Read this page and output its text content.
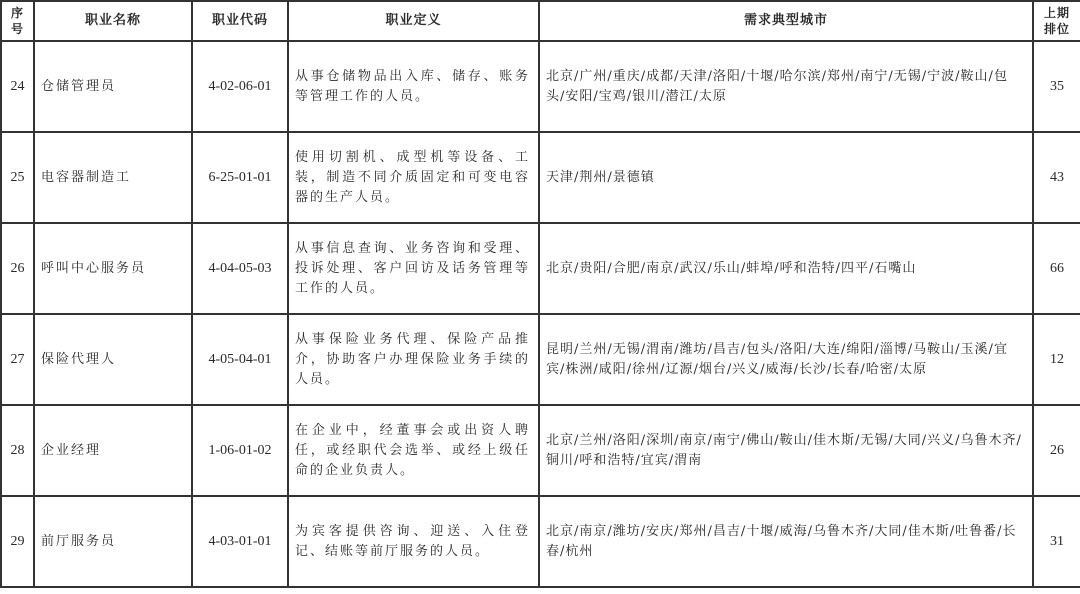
序号	职业名称	职业代码	职业定义	需求典型城市	上期排位
24	仓储管理员	4-02-06-01	从事仓储物品出入库、储存、账务等管理工作的人员。	北京/广州/重庆/成都/天津/洛阳/十堰/哈尔滨/郑州/南宁/无锡/宁波/鞍山/包头/安阳/宝鸡/银川/潜江/太原	35
25	电容器制造工	6-25-01-01	使用切割机、成型机等设备、工装，制造不同介质固定和可变电容器的生产人员。	天津/荆州/景德镇	43
26	呼叫中心服务员	4-04-05-03	从事信息查询、业务咨询和受理、投诉处理、客户回访及话务管理等工作的人员。	北京/贵阳/合肥/南京/武汉/乐山/蚌埠/呼和浩特/四平/石嘴山	66
27	保险代理人	4-05-04-01	从事保险业务代理、保险产品推介，协助客户办理保险业务手续的人员。	昆明/兰州/无锡/渭南/潍坊/昌吉/包头/洛阳/大连/绵阳/淄博/马鞍山/玉溪/宜宾/株洲/咸阳/徐州/辽源/烟台/兴义/威海/长沙/长春/哈密/太原	12
28	企业经理	1-06-01-02	在企业中，经董事会或出资人聘任，或经职代会选举、或经上级任命的企业负责人。	北京/兰州/洛阳/深圳/南京/南宁/佛山/鞍山/佳木斯/无锡/大同/兴义/乌鲁木齐/铜川/呼和浩特/宜宾/渭南	26
29	前厅服务员	4-03-01-01	为宾客提供咨询、迎送、入住登记、结账等前厅服务的人员。	北京/南京/潍坊/安庆/郑州/昌吉/十堰/威海/乌鲁木齐/大同/佳木斯/吐鲁番/长春/杭州	31
